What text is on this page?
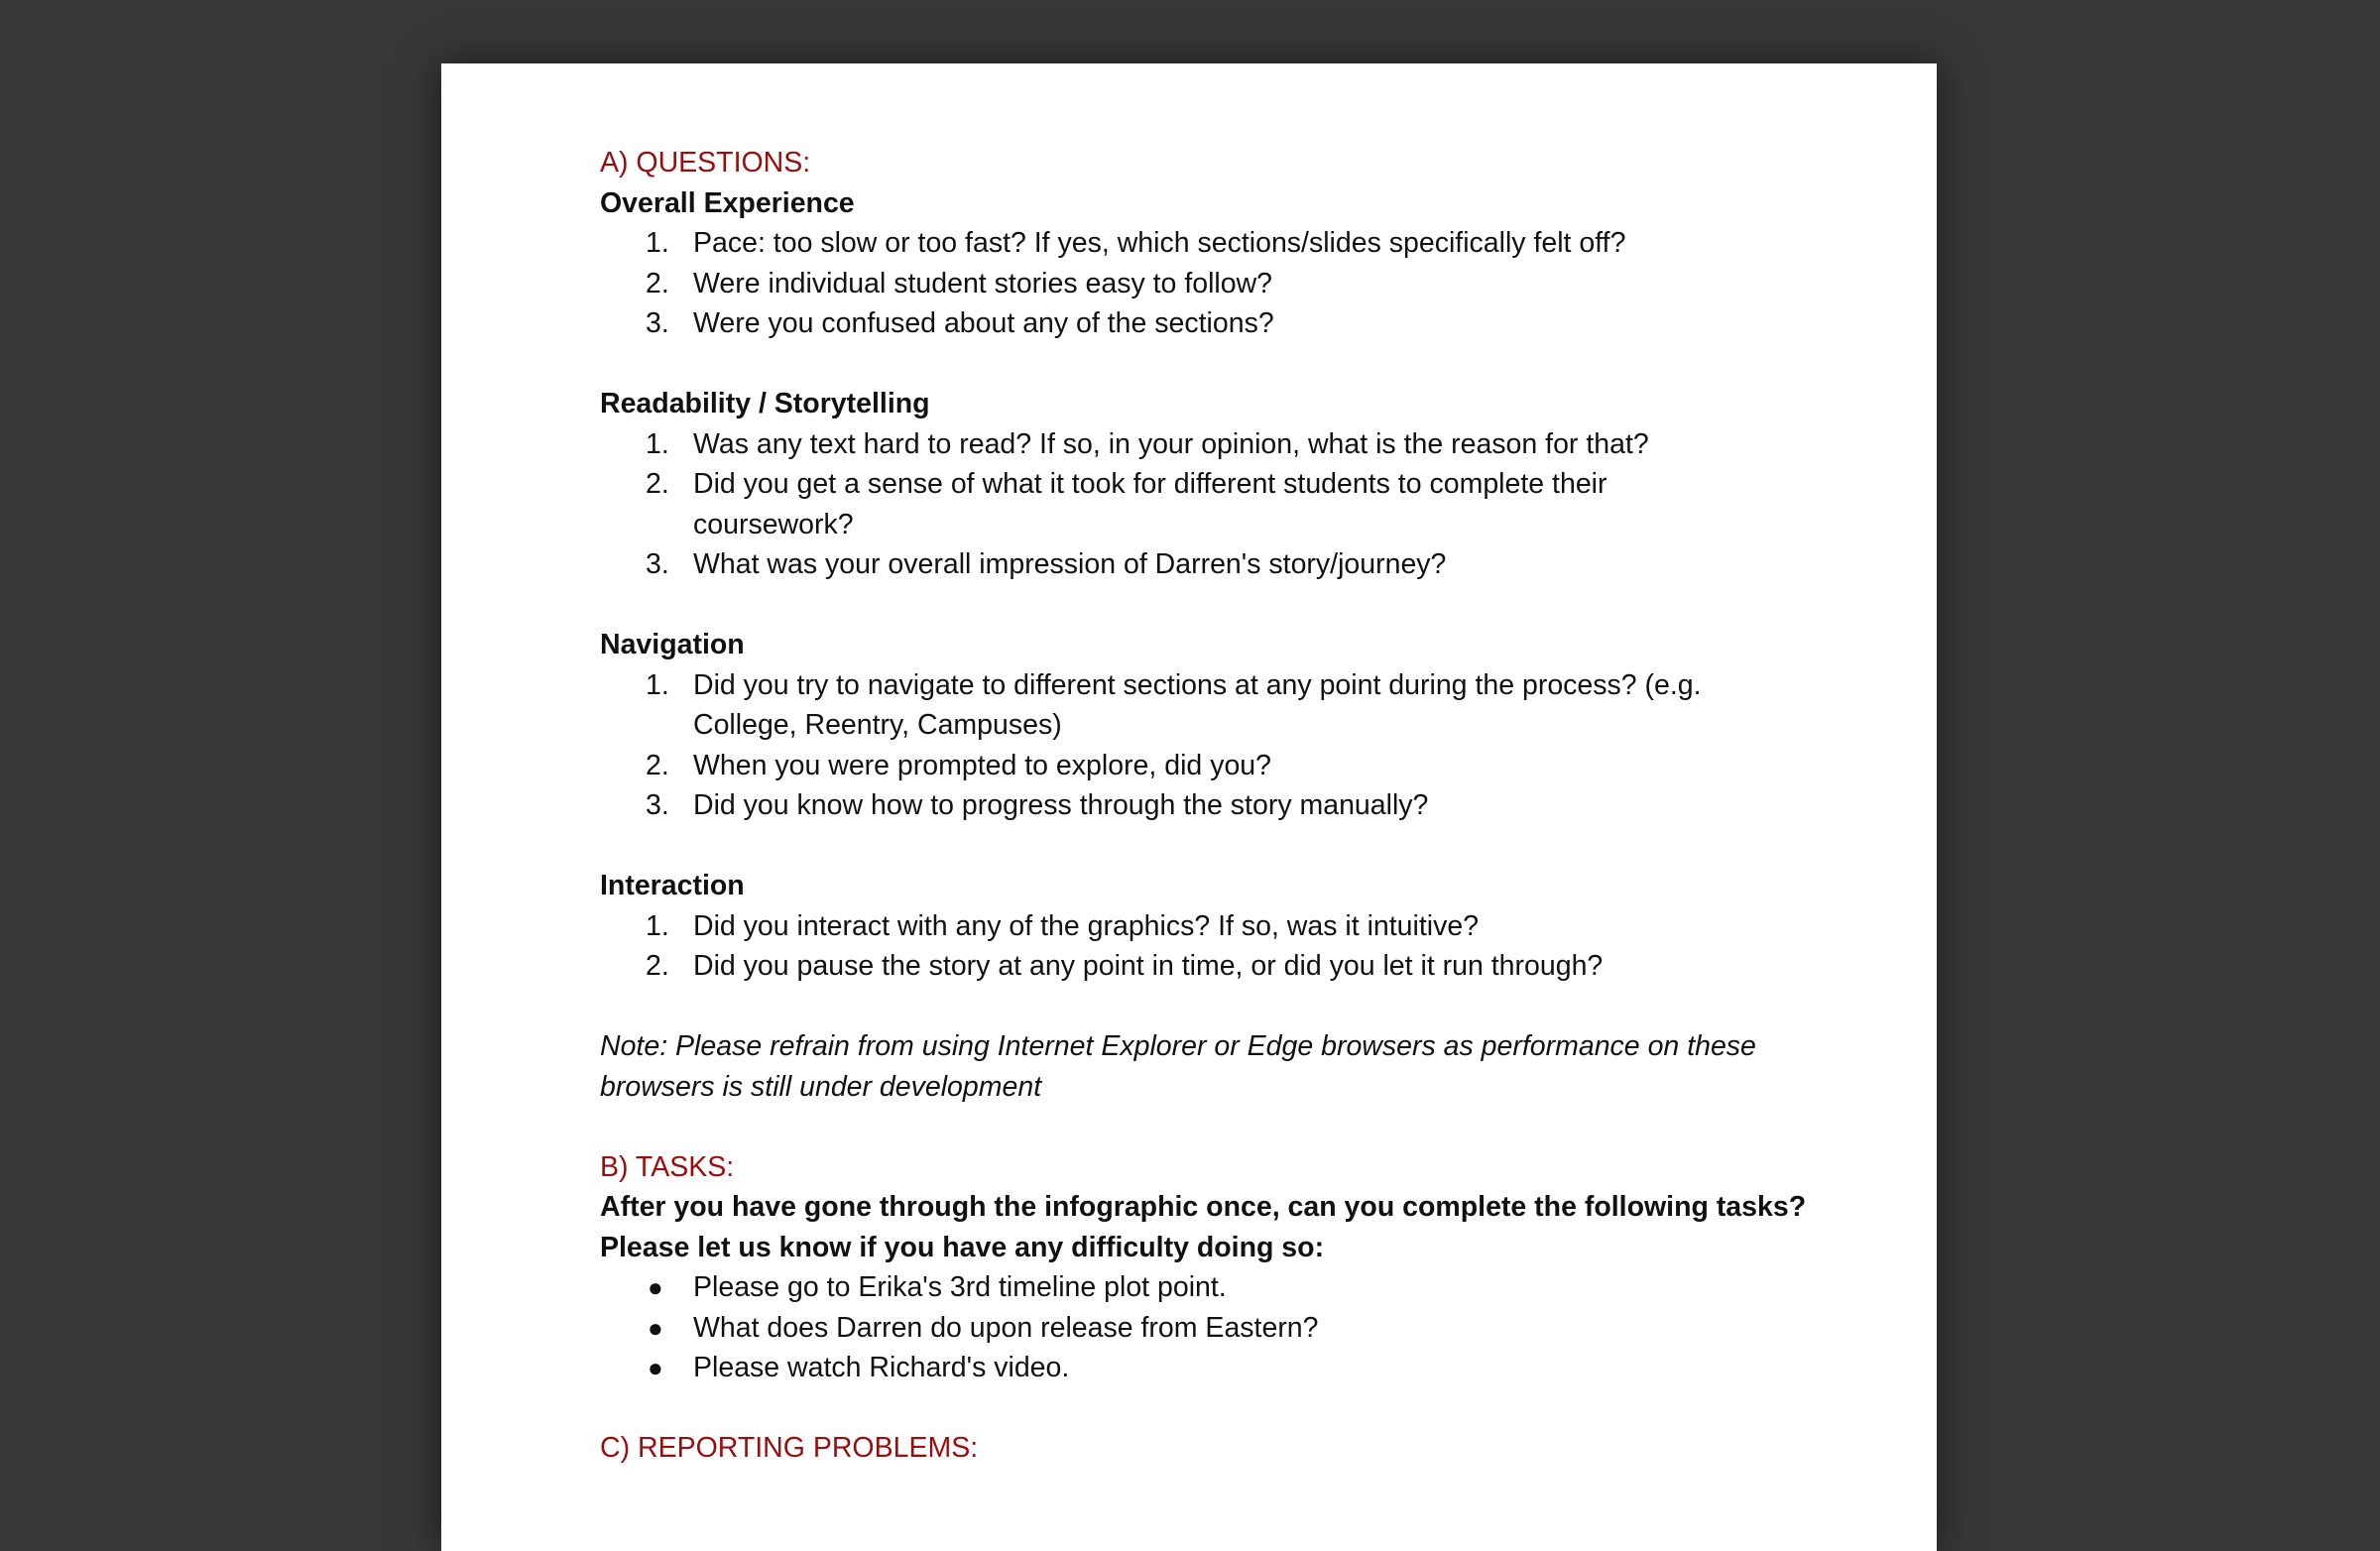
A) QUESTIONS:
Overall Experience
1. Pace: too slow or too fast? If yes, which sections/slides specifically felt off?
2. Were individual student stories easy to follow?
3. Were you confused about any of the sections?
Readability / Storytelling
1. Was any text hard to read? If so, in your opinion, what is the reason for that?
2. Did you get a sense of what it took for different students to complete their
coursework?
3. What was your overall impression of Darren's story/journey?
Navigation
1. Did you try to navigate to different sections at any point during the process? (e.g.
College, Reentry, Campuses)
2. When you were prompted to explore, did you?
3. Did you know how to progress through the story manually?
Interaction
1. Did you interact with any of the graphics? If so, was it intuitive?
2. Did you pause the story at any point in time, or did you let it run through?
Note: Please refrain from using Internet Explorer or Edge browsers as performance on these
browsers is still under development
B) TASKS:
After you have gone through the infographic once, can you complete the following tasks?
Please let us know if you have any difficulty doing so:
● Please go to Erika's 3rd timeline plot point.
● What does Darren do upon release from Eastern?
● Please watch Richard's video.
C) REPORTING PROBLEMS:
